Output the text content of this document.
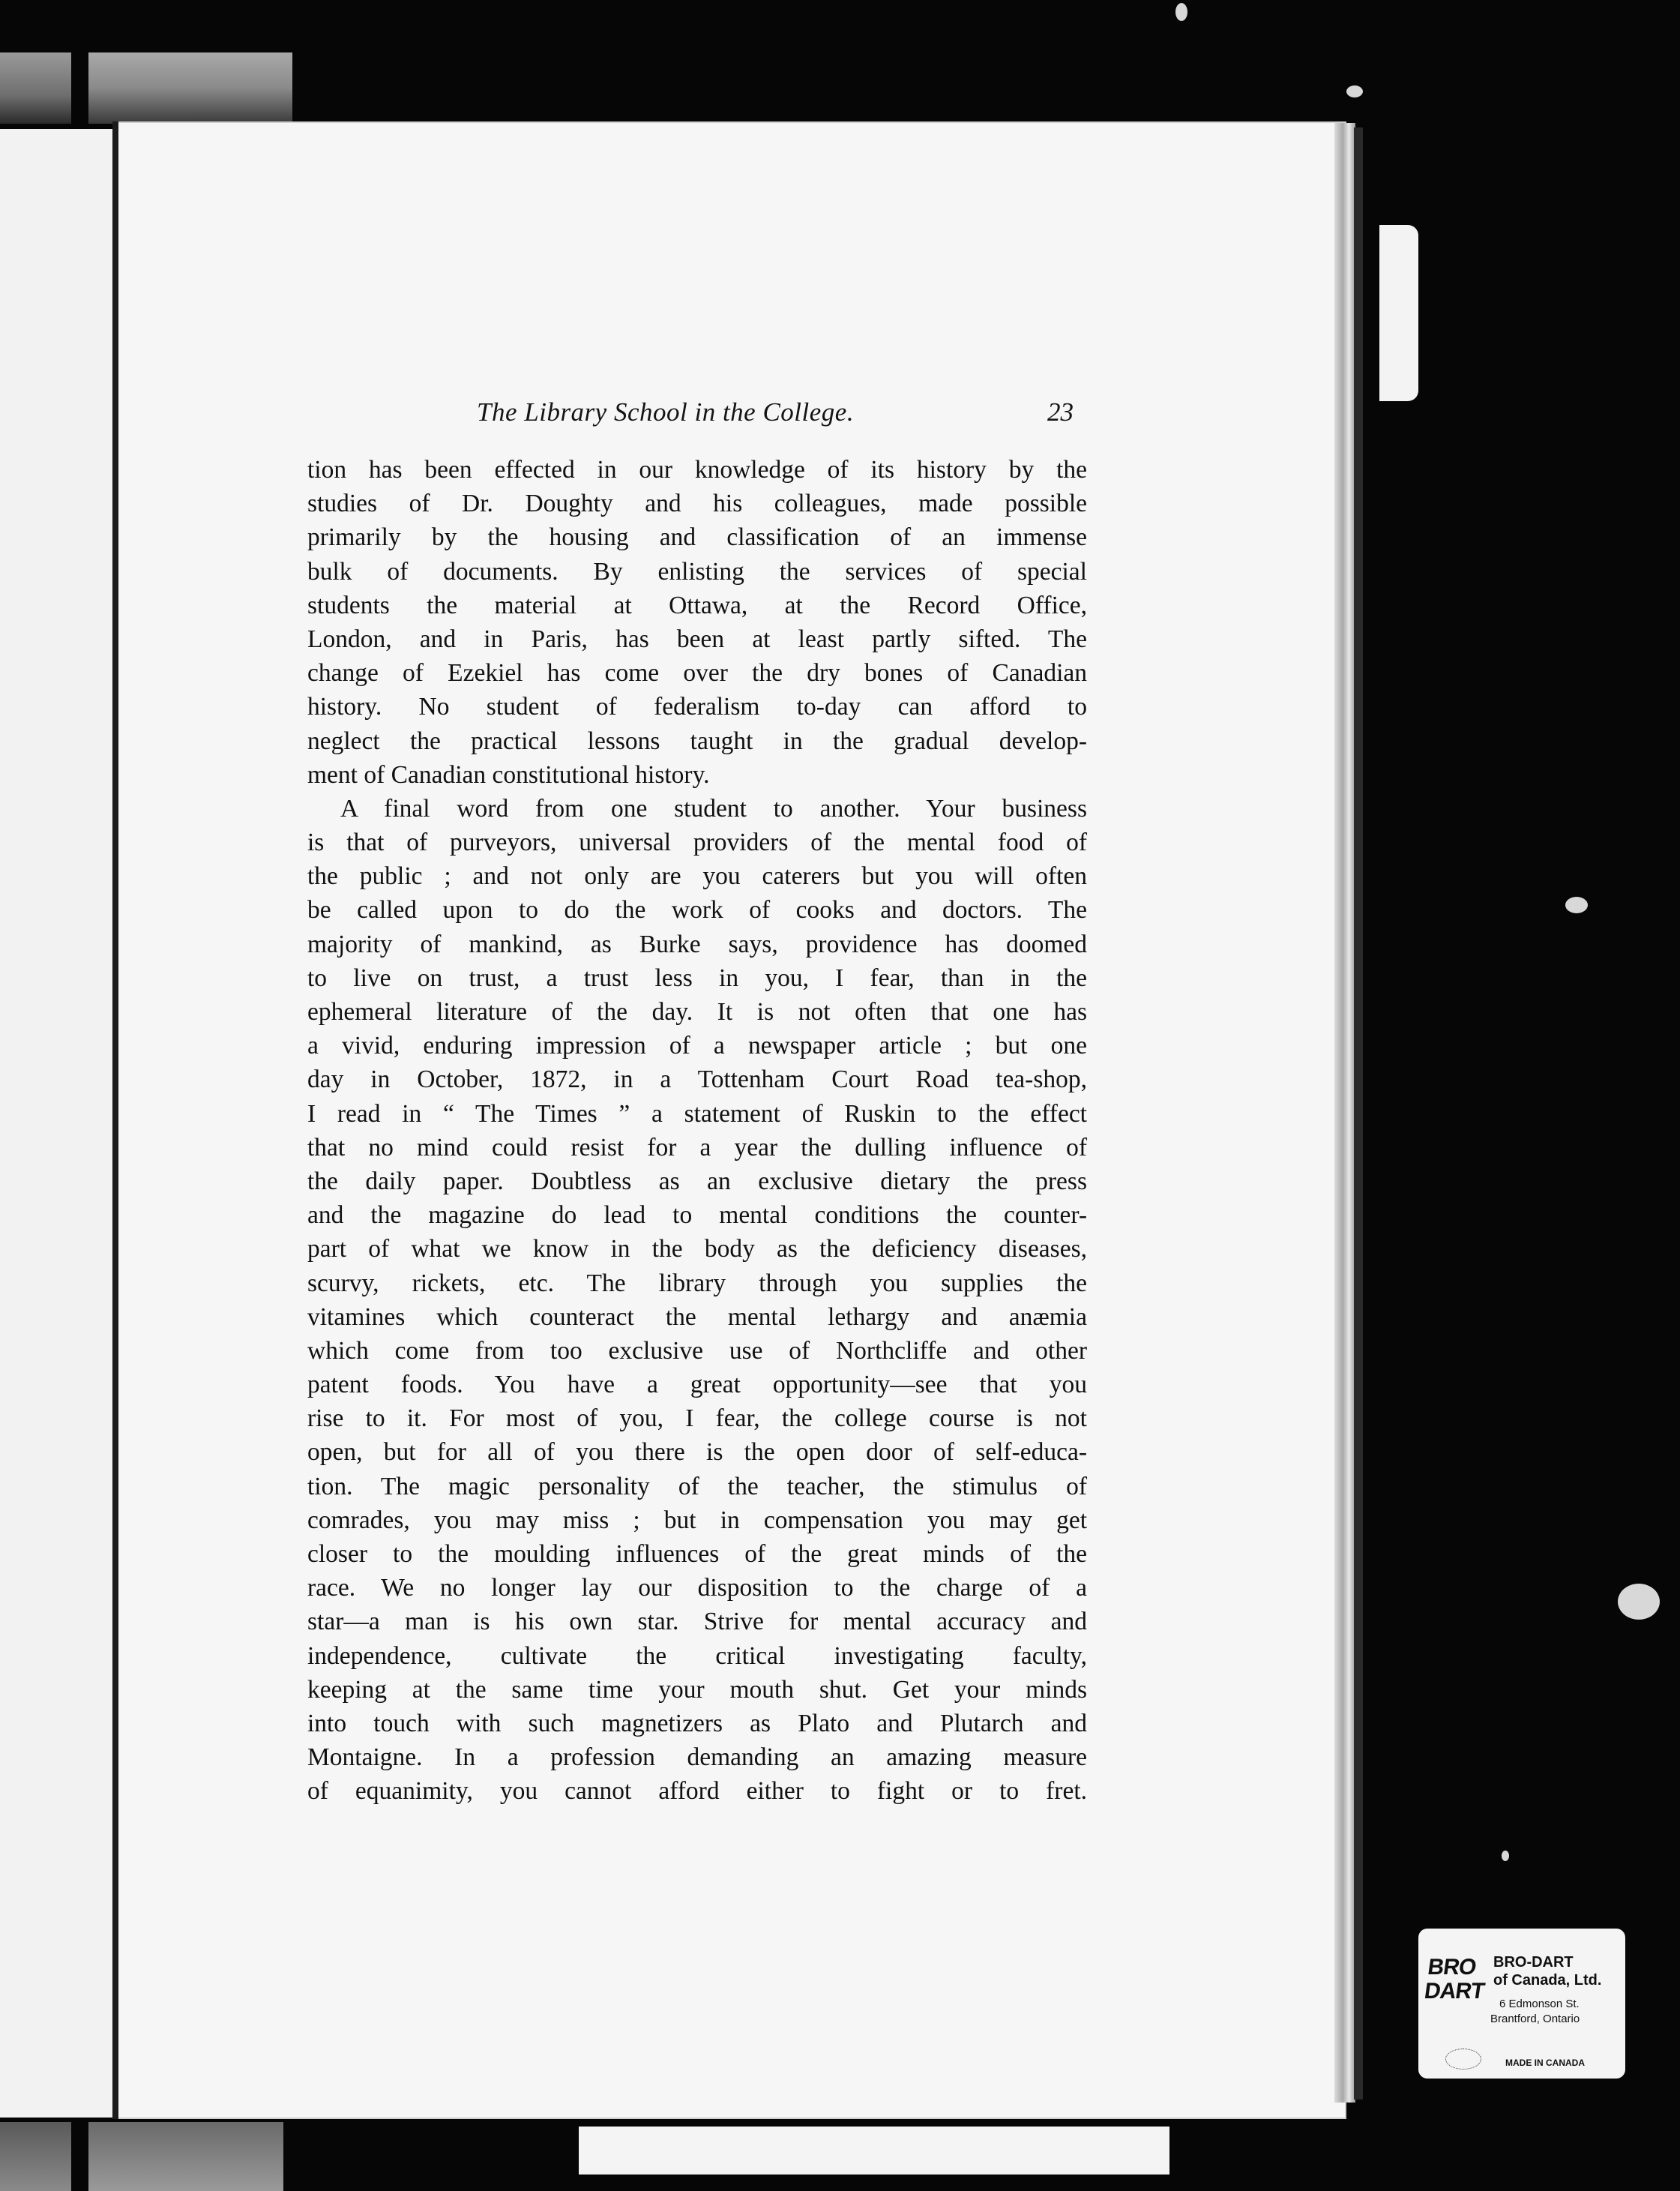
The Library School in the College.	23
tion has been effected in our knowledge of its history by the
studies of Dr. Doughty and his colleagues, made possible
primarily by the housing and classification of an immense
bulk of documents. By enlisting the services of special
students the material at Ottawa, at the Record Office,
London, and in Paris, has been at least partly sifted. The
change of Ezekiel has come over the dry bones of Canadian
history. No student of federalism to-day can afford to
neglect the practical lessons taught in the gradual develop-
ment of Canadian constitutional history.
A final word from one student to another. Your business
is that of purveyors, universal providers of the mental food of
the public ; and not only are you caterers but you will often
be called upon to do the work of cooks and doctors. The
majority of mankind, as Burke says, providence has doomed
to live on trust, a trust less in you, I fear, than in the
ephemeral literature of the day. It is not often that one has
a vivid, enduring impression of a newspaper article ; but one
day in October, 1872, in a Tottenham Court Road tea-shop,
I read in “ The Times ” a statement of Ruskin to the effect
that no mind could resist for a year the dulling influence of
the daily paper. Doubtless as an exclusive dietary the press
and the magazine do lead to mental conditions the counter-
part of what we know in the body as the deficiency diseases,
scurvy, rickets, etc. The library through you supplies the
vitamines which counteract the mental lethargy and anæmia
which come from too exclusive use of Northcliffe and other
patent foods. You have a great opportunity—see that you
rise to it. For most of you, I fear, the college course is not
open, but for all of you there is the open door of self-educa-
tion. The magic personality of the teacher, the stimulus of
comrades, you may miss ; but in compensation you may get
closer to the moulding influences of the great minds of the
race. We no longer lay our disposition to the charge of a
star—a man is his own star. Strive for mental accuracy and
independence, cultivate the critical investigating faculty,
keeping at the same time your mouth shut. Get your minds
into touch with such magnetizers as Plato and Plutarch and
Montaigne. In a profession demanding an amazing measure
of equanimity, you cannot afford either to fight or to fret.
BRO
DART
BRO-DART
of Canada, Ltd.
6 Edmonson St.
Brantford, Ontario
MADE IN CANADA
